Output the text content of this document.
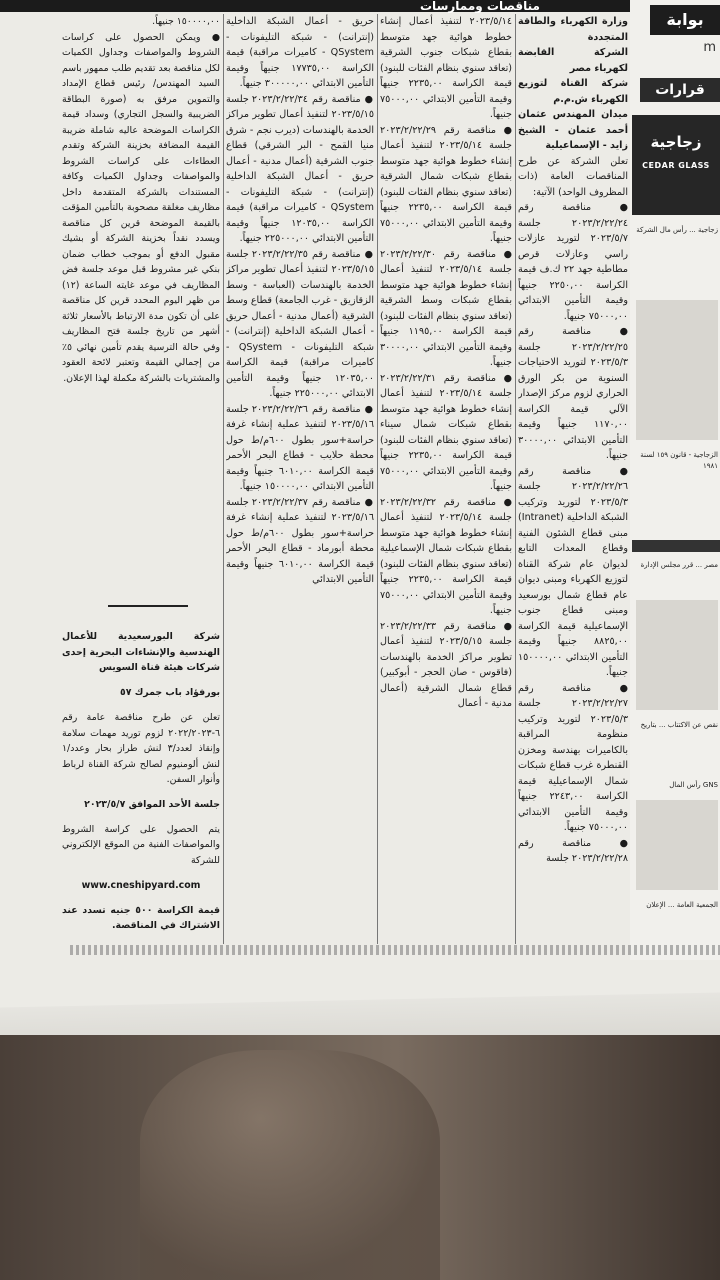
مناقصات وممارسات

وزارة الكهرباء والطاقة المتجددة

الشركة القابضة لكهرباء مصر

شركة القناة لتوزيع الكهرباء ش.م.م

ميدان المهندس عثمان أحمد عثمان - الشيخ زايد - الإسماعيلية

تعلن الشركة عن طرح المناقصات العامة (ذات المظروف الواحد) الآتية:

● مناقصة رقم ٢٠٢٣/٢/٢٢/٢٤ جلسة ٢٠٢٣/٥/٧ لتوريد عازلات راسي وعازلات قرص مطاطية جهد ٢٢ ك.ف قيمة الكراسة ٢٢٥٠,٠٠ جنيهاً وقيمة التأمين الابتدائي ٧٥٠٠٠,٠٠ جنيهاً.

● مناقصة رقم ٢٠٢٣/٢/٢٢/٢٥ جلسة ٢٠٢٣/٥/٣ لتوريد الاحتياجات السنوية من بكر الورق الحراري لزوم مركز الإصدار الآلي قيمة الكراسة ١١٧٠,٠٠ جنيهاً وقيمة التأمين الابتدائي ٣٠٠٠٠,٠٠ جنيهاً.

● مناقصة رقم ٢٠٢٣/٢/٢٢/٢٦ جلسة ٢٠٢٣/٥/٣ لتوريد وتركيب الشبكة الداخلية (Intranet) مبنى قطاع الشئون الفنية وقطاع المعدات التابع لديوان عام شركة القناة لتوزيع الكهرباء ومبنى ديوان عام قطاع شمال بورسعيد ومبنى قطاع جنوب الإسماعيلية قيمة الكراسة ٨٨٢٥,٠٠ جنيهاً وقيمة التأمين الابتدائي ١٥٠٠٠٠,٠٠ جنيهاً.

● مناقصة رقم ٢٠٢٣/٢/٢٢/٢٧ جلسة ٢٠٢٣/٥/٣ لتوريد وتركيب منظومة المراقبة بالكاميرات بهندسة ومخزن القنطرة غرب قطاع شبكات شمال الإسماعيلية قيمة الكراسة ٢٢٤٣,٠٠ جنيهاً وقيمة التأمين الابتدائي ٧٥٠٠٠,٠٠ جنيهاً.

● مناقصة رقم ٢٠٢٣/٢/٢٢/٢٨ جلسة

٢٠٢٣/٥/١٤ لتنفيذ أعمال إنشاء خطوط هوائية جهد متوسط بقطاع شبكات جنوب الشرقية (تعاقد سنوي بنظام الفئات للبنود) قيمة الكراسة ٢٢٣٥,٠٠ جنيهاً وقيمة التأمين الابتدائي ٧٥٠٠٠,٠٠ جنيهاً.

● مناقصة رقم ٢٠٢٣/٢/٢٢/٢٩ جلسة ٢٠٢٣/٥/١٤ لتنفيذ أعمال إنشاء خطوط هوائية جهد متوسط بقطاع شبكات شمال الشرقية (تعاقد سنوي بنظام الفئات للبنود) قيمة الكراسة ٢٢٣٥,٠٠ جنيهاً وقيمة التأمين الابتدائي ٧٥٠٠٠,٠٠ جنيهاً.

● مناقصة رقم ٢٠٢٣/٢/٢٢/٣٠ جلسة ٢٠٢٣/٥/١٤ لتنفيذ أعمال إنشاء خطوط هوائية جهد متوسط بقطاع شبكات وسط الشرقية (تعاقد سنوي بنظام الفئات للبنود) قيمة الكراسة ١١٩٥,٠٠ جنيهاً وقيمة التأمين الابتدائي ٣٠٠٠٠,٠٠ جنيهاً.

● مناقصة رقم ٢٠٢٣/٢/٢٢/٣١ جلسة ٢٠٢٣/٥/١٤ لتنفيذ أعمال إنشاء خطوط هوائية جهد متوسط بقطاع شبكات شمال سيناء (تعاقد سنوي بنظام الفئات للبنود) قيمة الكراسة ٢٢٣٥,٠٠ جنيهاً وقيمة التأمين الابتدائي ٧٥٠٠٠,٠٠ جنيهاً.

● مناقصة رقم ٢٠٢٣/٢/٢٢/٣٢ جلسة ٢٠٢٣/٥/١٤ لتنفيذ أعمال إنشاء خطوط هوائية جهد متوسط بقطاع شبكات شمال الإسماعيلية (تعاقد سنوي بنظام الفئات للبنود) قيمة الكراسة ٢٢٣٥,٠٠ جنيهاً وقيمة التأمين الابتدائي ٧٥٠٠٠,٠٠ جنيهاً.

● مناقصة رقم ٢٠٢٣/٢/٢٢/٣٣ جلسة ٢٠٢٣/٥/١٥ لتنفيذ أعمال تطوير مراكز الخدمة بالهندسات (فاقوس - صان الحجر - أبوكبير) قطاع شمال الشرقية (أعمال مدنية - أعمال

حريق - أعمال الشبكة الداخلية (إنترانت) - شبكة التليفونات - QSystem - كاميرات مراقبة) قيمة الكراسة ١٧٧٣٥,٠٠ جنيهاً وقيمة التأمين الابتدائي ٣٠٠٠٠٠,٠٠ جنيهاً.

● مناقصة رقم ٢٠٢٣/٢/٢٢/٣٤ جلسة ٢٠٢٣/٥/١٥ لتنفيذ أعمال تطوير مراكز الخدمة بالهندسات (ديرب نجم - شرق منيا القمح - البر الشرقي) قطاع جنوب الشرقية (أعمال مدنية - أعمال حريق - أعمال الشبكة الداخلية (إنترانت) - شبكة التليفونات - QSystem - كاميرات مراقبة) قيمة الكراسة ١٢٠٣٥,٠٠ جنيهاً وقيمة التأمين الابتدائي ٢٢٥٠٠٠,٠٠ جنيهاً.

● مناقصة رقم ٢٠٢٣/٢/٢٢/٣٥ جلسة ٢٠٢٣/٥/١٥ لتنفيذ أعمال تطوير مراكز الخدمة بالهندسات (العباسة - وسط الزقازيق - غرب الجامعة) قطاع وسط الشرقية (أعمال مدنية - أعمال حريق - أعمال الشبكة الداخلية (إنترانت) - شبكة التليفونات - QSystem - كاميرات مراقبة) قيمة الكراسة ١٢٠٣٥,٠٠ جنيهاً وقيمة التأمين الابتدائي ٢٢٥٠٠٠,٠٠ جنيهاً.

● مناقصة رقم ٢٠٢٣/٢/٢٢/٣٦ جلسة ٢٠٢٣/٥/١٦ لتنفيذ عملية إنشاء غرفة حراسة+سور بطول ٦٠٠م/ط حول محطة حلايب - قطاع البحر الأحمر قيمة الكراسة ٦٠١٠,٠٠ جنيهاً وقيمة التأمين الابتدائي ١٥٠٠٠٠,٠٠ جنيهاً.

● مناقصة رقم ٢٠٢٣/٢/٢٢/٣٧ جلسة ٢٠٢٣/٥/١٦ لتنفيذ عملية إنشاء غرفة حراسة+سور بطول ٦٠٠م/ط حول محطة أبورماد - قطاع البحر الأحمر قيمة الكراسة ٦٠١٠,٠٠ جنيهاً وقيمة التأمين الابتدائي

١٥٠٠٠٠,٠٠ جنيهاً.

● ويمكن الحصول على كراسات الشروط والمواصفات وجداول الكميات لكل مناقصة بعد تقديم طلب ممهور باسم السيد المهندس/ رئيس قطاع الإمداد والتموين مرفق به (صورة البطاقة الضريبية والسجل التجاري) وسداد قيمة الكراسات الموضحة عاليه شاملة ضريبة القيمة المضافة بخزينة الشركة وتقدم العطاءات على كراسات الشروط والمواصفات وجداول الكميات وكافة المستندات بالشركة المتقدمة داخل مظاريف مغلقة مصحوبة بالتأمين المؤقت بالقيمة الموضحة قرين كل مناقصة ويسدد نقداً بخزينة الشركة أو بشيك مقبول الدفع أو بموجب خطاب ضمان بنكي غير مشروط قبل موعد جلسة فض المظاريف في موعد غايته الساعة (١٢) من ظهر اليوم المحدد قرين كل مناقصة على أن تكون مدة الارتباط بالأسعار ثلاثة أشهر من تاريخ جلسة فتح المظاريف وفي حالة الترسية يقدم تأمين نهائي ٥٪ من إجمالي القيمة وتعتبر لائحة العقود والمشتريات بالشركة مكملة لهذا الإعلان.

شركة البورسعيدية للأعمال الهندسية والإنشاءات البحرية إحدى شركات هيئة قناة السويس

بورفؤاد باب جمرك ٥٧

تعلن عن طرح مناقصة عامة رقم ٦-٢٠٢٢/٢٠٢٣ لزوم توريد مهمات سلامة وإنقاذ لعدد/٣ لنش طراز بحار وعدد/١ لنش ألومنيوم لصالح شركة القناة لرباط وأنوار السفن.

جلسة الأحد الموافق ٢٠٢٣/٥/٧

يتم الحصول على كراسة الشروط والمواصفات الفنية من الموقع الإلكتروني للشركة

www.cneshipyard.com

قيمة الكراسة ٥٠٠ جنيه تسدد عند الاشتراك في المناقصة.

بوابة
m
قرارات
زجاجية
CEDAR GLASS
زجاجية ... رأس مال الشركة
الزجاجية - قانون ١٥٩ لسنة ١٩٨١
مصر ... قرر مجلس الإدارة
نقص عن الاكتتاب ... بتاريخ
GNS رأس المال
الجمعية العامة ... الإعلان
